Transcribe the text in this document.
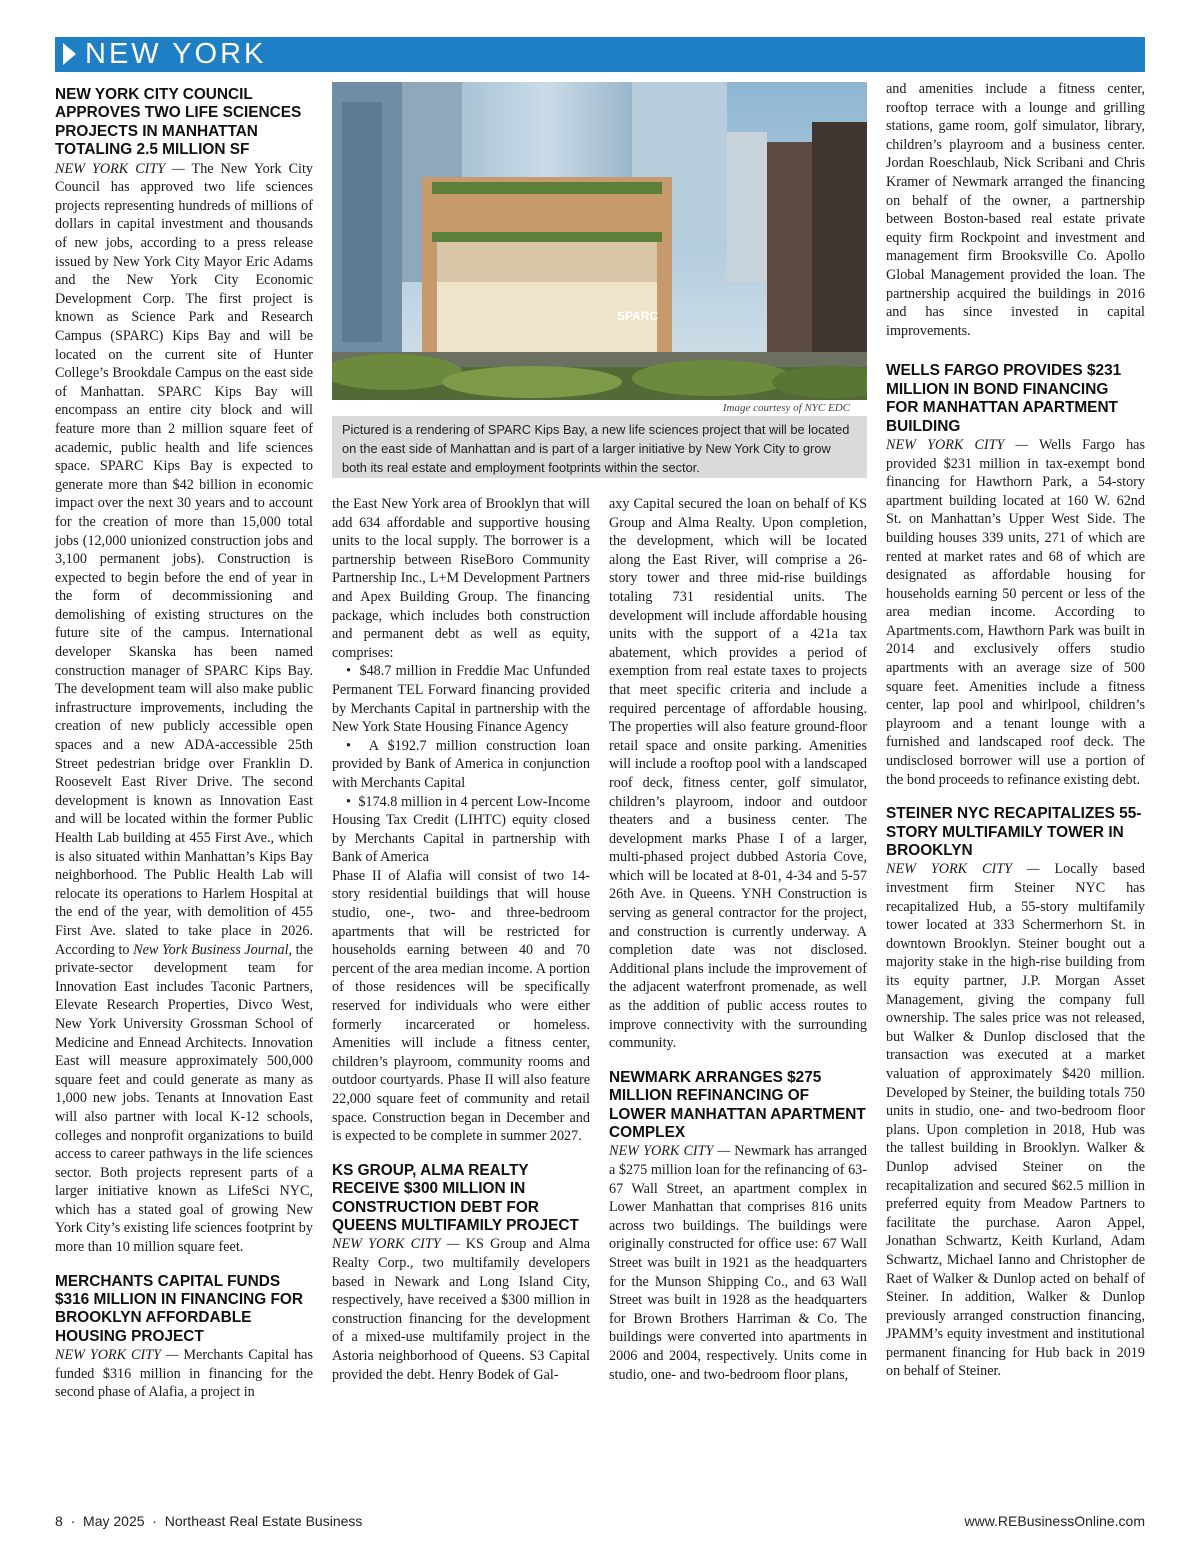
NEW YORK
NEW YORK CITY COUNCIL APPROVES TWO LIFE SCIENCES PROJECTS IN MANHATTAN TOTALING 2.5 MILLION SF

NEW YORK CITY — The New York City Council has approved two life sciences projects representing hundreds of millions of dollars in capital investment and thousands of new jobs, according to a press release issued by New York City Mayor Eric Adams and the New York City Economic Development Corp. The first project is known as Science Park and Research Campus (SPARC) Kips Bay and will be located on the current site of Hunter College’s Brookdale Campus on the east side of Manhattan. SPARC Kips Bay will encompass an entire city block and will feature more than 2 million square feet of academic, public health and life sciences space. SPARC Kips Bay is expected to generate more than $42 billion in economic impact over the next 30 years and to account for the creation of more than 15,000 total jobs (12,000 unionized construction jobs and 3,100 permanent jobs). Construction is expected to begin before the end of year in the form of decommissioning and demolishing of existing structures on the future site of the campus. International developer Skanska has been named construction manager of SPARC Kips Bay. The development team will also make public infrastructure improvements, including the creation of new publicly accessible open spaces and a new ADA-accessible 25th Street pedestrian bridge over Franklin D. Roosevelt East River Drive. The second development is known as Innovation East and will be located within the former Public Health Lab building at 455 First Ave., which is also situated within Manhattan’s Kips Bay neighborhood. The Public Health Lab will relocate its operations to Harlem Hospital at the end of the year, with demolition of 455 First Ave. slated to take place in 2026. According to New York Business Journal, the private-sector development team for Innovation East includes Taconic Partners, Elevate Research Properties, Divco West, New York University Grossman School of Medicine and Ennead Architects. Innovation East will measure approximately 500,000 square feet and could generate as many as 1,000 new jobs. Tenants at Innovation East will also partner with local K-12 schools, colleges and nonprofit organizations to build access to career pathways in the life sciences sector. Both projects represent parts of a larger initiative known as LifeSci NYC, which has a stated goal of growing New York City’s existing life sciences footprint by more than 10 million square feet.

MERCHANTS CAPITAL FUNDS $316 MILLION IN FINANCING FOR BROOKLYN AFFORDABLE HOUSING PROJECT

NEW YORK CITY — Merchants Capital has funded $316 million in financing for the second phase of Alafia, a project in

SPARC
Image courtesy of NYC EDC
Pictured is a rendering of SPARC Kips Bay, a new life sciences project that will be located on the east side of Manhattan and is part of a larger initiative by New York City to grow both its real estate and employment footprints within the sector.

the East New York area of Brooklyn that will add 634 affordable and supportive housing units to the local supply. The borrower is a partnership between RiseBoro Community Partnership Inc., L+M Development Partners and Apex Building Group. The financing package, which includes both construction and permanent debt as well as equity, comprises:

•  $48.7 million in Freddie Mac Unfunded Permanent TEL Forward financing provided by Merchants Capital in partnership with the New York State Housing Finance Agency

•  A $192.7 million construction loan provided by Bank of America in conjunction with Merchants Capital

•  $174.8 million in 4 percent Low-Income Housing Tax Credit (LIHTC) equity closed by Merchants Capital in partnership with Bank of America

Phase II of Alafia will consist of two 14-story residential buildings that will house studio, one-, two- and three-bedroom apartments that will be restricted for households earning between 40 and 70 percent of the area median income. A portion of those residences will be specifically reserved for individuals who were either formerly incarcerated or homeless. Amenities will include a fitness center, children’s playroom, community rooms and outdoor courtyards. Phase II will also feature 22,000 square feet of community and retail space. Construction began in December and is expected to be complete in summer 2027.

KS GROUP, ALMA REALTY RECEIVE $300 MILLION IN CONSTRUCTION DEBT FOR QUEENS MULTIFAMILY PROJECT

NEW YORK CITY — KS Group and Alma Realty Corp., two multifamily developers based in Newark and Long Island City, respectively, have received a $300 million in construction financing for the development of a mixed-use multifamily project in the Astoria neighborhood of Queens. S3 Capital provided the debt. Henry Bodek of Gal-

axy Capital secured the loan on behalf of KS Group and Alma Realty. Upon completion, the development, which will be located along the East River, will comprise a 26-story tower and three mid-rise buildings totaling 731 residential units. The development will include affordable housing units with the support of a 421a tax abatement, which provides a period of exemption from real estate taxes to projects that meet specific criteria and include a required percentage of affordable housing. The properties will also feature ground-floor retail space and onsite parking. Amenities will include a rooftop pool with a landscaped roof deck, fitness center, golf simulator, children’s playroom, indoor and outdoor theaters and a business center. The development marks Phase I of a larger, multi-phased project dubbed Astoria Cove, which will be located at 8-01, 4-34 and 5-57 26th Ave. in Queens. YNH Construction is serving as general contractor for the project, and construction is currently underway. A completion date was not disclosed. Additional plans include the improvement of the adjacent waterfront promenade, as well as the addition of public access routes to improve connectivity with the surrounding community.

NEWMARK ARRANGES $275 MILLION REFINANCING OF LOWER MANHATTAN APARTMENT COMPLEX

NEW YORK CITY — Newmark has arranged a $275 million loan for the refinancing of 63-67 Wall Street, an apartment complex in Lower Manhattan that comprises 816 units across two buildings. The buildings were originally constructed for office use: 67 Wall Street was built in 1921 as the headquarters for the Munson Shipping Co., and 63 Wall Street was built in 1928 as the headquarters for Brown Brothers Harriman & Co. The buildings were converted into apartments in 2006 and 2004, respectively. Units come in studio, one- and two-bedroom floor plans,

and amenities include a fitness center, rooftop terrace with a lounge and grilling stations, game room, golf simulator, library, children’s playroom and a business center. Jordan Roeschlaub, Nick Scribani and Chris Kramer of Newmark arranged the financing on behalf of the owner, a partnership between Boston-based real estate private equity firm Rockpoint and investment and management firm Brooksville Co. Apollo Global Management provided the loan. The partnership acquired the buildings in 2016 and has since invested in capital improvements.

WELLS FARGO PROVIDES $231 MILLION IN BOND FINANCING FOR MANHATTAN APARTMENT BUILDING

NEW YORK CITY — Wells Fargo has provided $231 million in tax-exempt bond financing for Hawthorn Park, a 54-story apartment building located at 160 W. 62nd St. on Manhattan’s Upper West Side. The building houses 339 units, 271 of which are rented at market rates and 68 of which are designated as affordable housing for households earning 50 percent or less of the area median income. According to Apartments.com, Hawthorn Park was built in 2014 and exclusively offers studio apartments with an average size of 500 square feet. Amenities include a fitness center, lap pool and whirlpool, children’s playroom and a tenant lounge with a furnished and landscaped roof deck. The undisclosed borrower will use a portion of the bond proceeds to refinance existing debt.

STEINER NYC RECAPITALIZES 55-STORY MULTIFAMILY TOWER IN BROOKLYN

NEW YORK CITY — Locally based investment firm Steiner NYC has recapitalized Hub, a 55-story multifamily tower located at 333 Schermerhorn St. in downtown Brooklyn. Steiner bought out a majority stake in the high-rise building from its equity partner, J.P. Morgan Asset Management, giving the company full ownership. The sales price was not released, but Walker & Dunlop disclosed that the transaction was executed at a market valuation of approximately $420 million. Developed by Steiner, the building totals 750 units in studio, one- and two-bedroom floor plans. Upon completion in 2018, Hub was the tallest building in Brooklyn. Walker & Dunlop advised Steiner on the recapitalization and secured $62.5 million in preferred equity from Meadow Partners to facilitate the purchase. Aaron Appel, Jonathan Schwartz, Keith Kurland, Adam Schwartz, Michael Ianno and Christopher de Raet of Walker & Dunlop acted on behalf of Steiner. In addition, Walker & Dunlop previously arranged construction financing, JPAMM’s equity investment and institutional permanent financing for Hub back in 2019 on behalf of Steiner.

8 · May 2025 · Northeast Real Estate Business	www.REBusinessOnline.com
